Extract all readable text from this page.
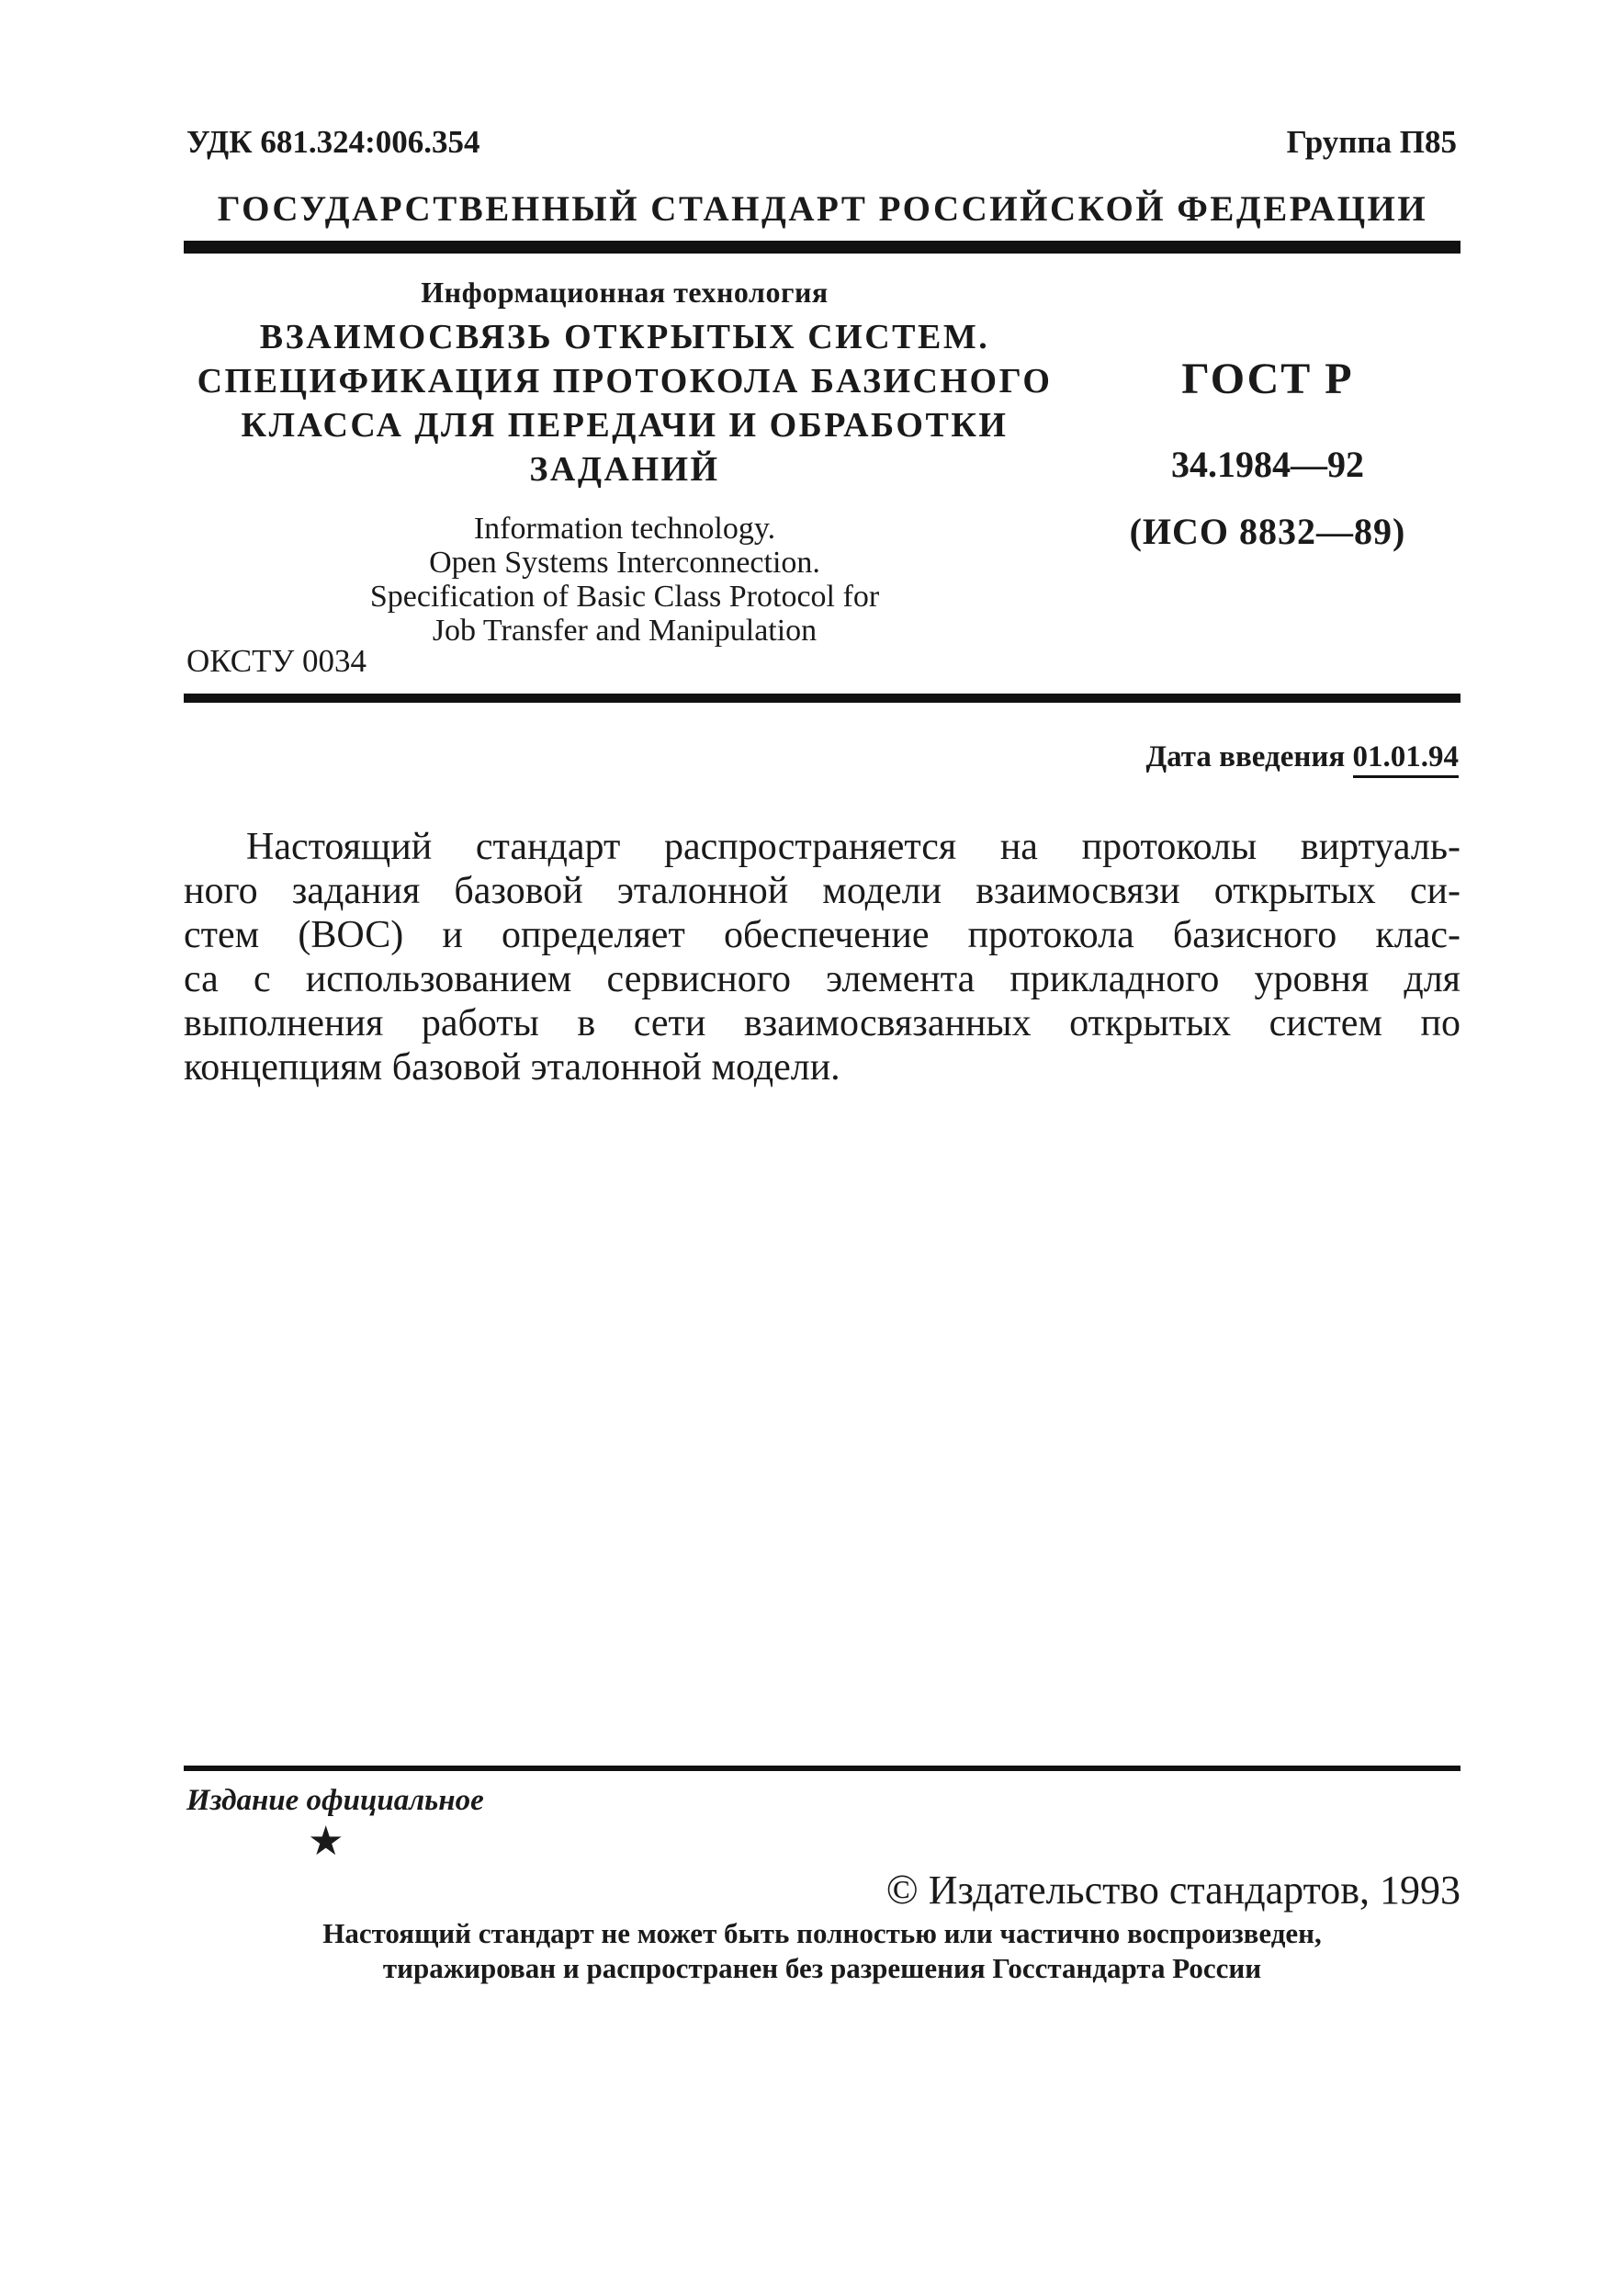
УДК 681.324:006.354	Группа П85
ГОСУДАРСТВЕННЫЙ СТАНДАРТ РОССИЙСКОЙ ФЕДЕРАЦИИ
Информационная технология
ВЗАИМОСВЯЗЬ ОТКРЫТЫХ СИСТЕМ.
СПЕЦИФИКАЦИЯ ПРОТОКОЛА БАЗИСНОГО
КЛАССА ДЛЯ ПЕРЕДАЧИ И ОБРАБОТКИ
ЗАДАНИЙ
Information technology.
Open Systems Interconnection.
Specification of Basic Class Protocol for
Job Transfer and Manipulation
ГОСТ Р
34.1984—92
(ИСО 8832—89)
ОКСТУ 0034
Дата введения 01.01.94
Настоящий стандарт распространяется на протоколы виртуаль-
ного задания базовой эталонной модели взаимосвязи открытых си-
стем (ВОС) и определяет обеспечение протокола базисного клас-
са с использованием сервисного элемента прикладного уровня для
выполнения работы в сети взаимосвязанных открытых систем по
концепциям базовой эталонной модели.
Издание официальное
★
© Издательство стандартов, 1993
Настоящий стандарт не может быть полностью или частично воспроизведен,
тиражирован и распространен без разрешения Госстандарта России
